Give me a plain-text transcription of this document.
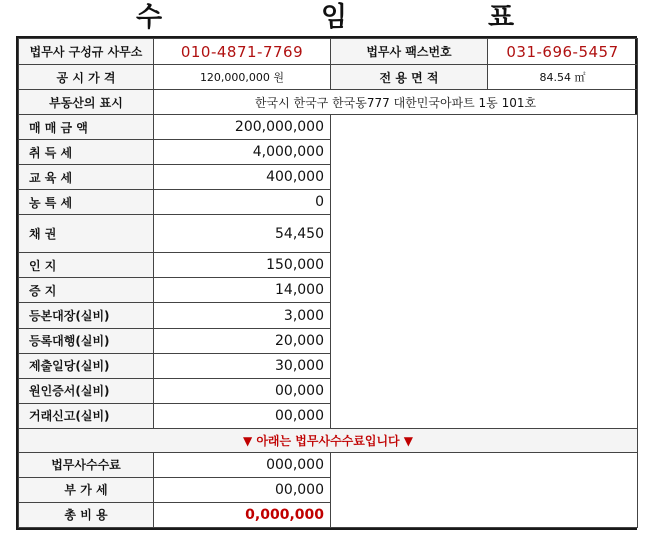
수	임	표
법무사 구성규 사무소	010-4871-7769	법무사 팩스번호	031-696-5457
공 시 가 격	120,000,000 원	전 용 면 적	84.54 ㎡
부동산의 표시	한국시 한국구 한국동777 대한민국아파트 1동 101호		
매 매 금 액	200,000,000		
취 득 세	4,000,000		
교 육 세	400,000		
농 특 세	0		
채 권	54,450		
인 지	150,000		
증 지	14,000		
등본대장(실비)	3,000		
등록대행(실비)	20,000		
제출일당(실비)	30,000		
원인증서(실비)	00,000		
거래신고(실비)	00,000		
▼ 아래는 법무사수수료입니다 ▼			
법무사수수료	000,000		
부 가 세	00,000		
총 비 용	0,000,000		
